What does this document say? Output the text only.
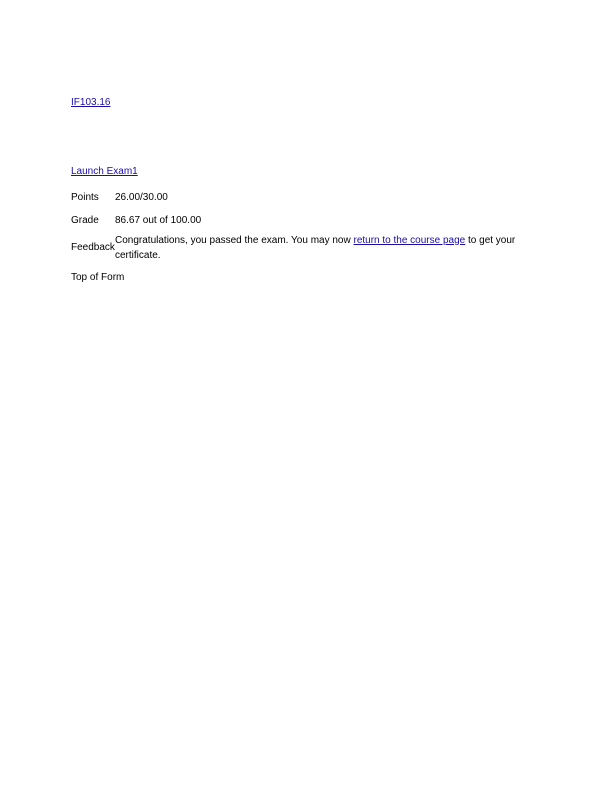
IF103.16
Launch Exam1
Points	26.00/30.00
Grade	86.67 out of 100.00
Feedback	Congratulations, you passed the exam. You may now return to the course page to get your certificate.
Top of Form
